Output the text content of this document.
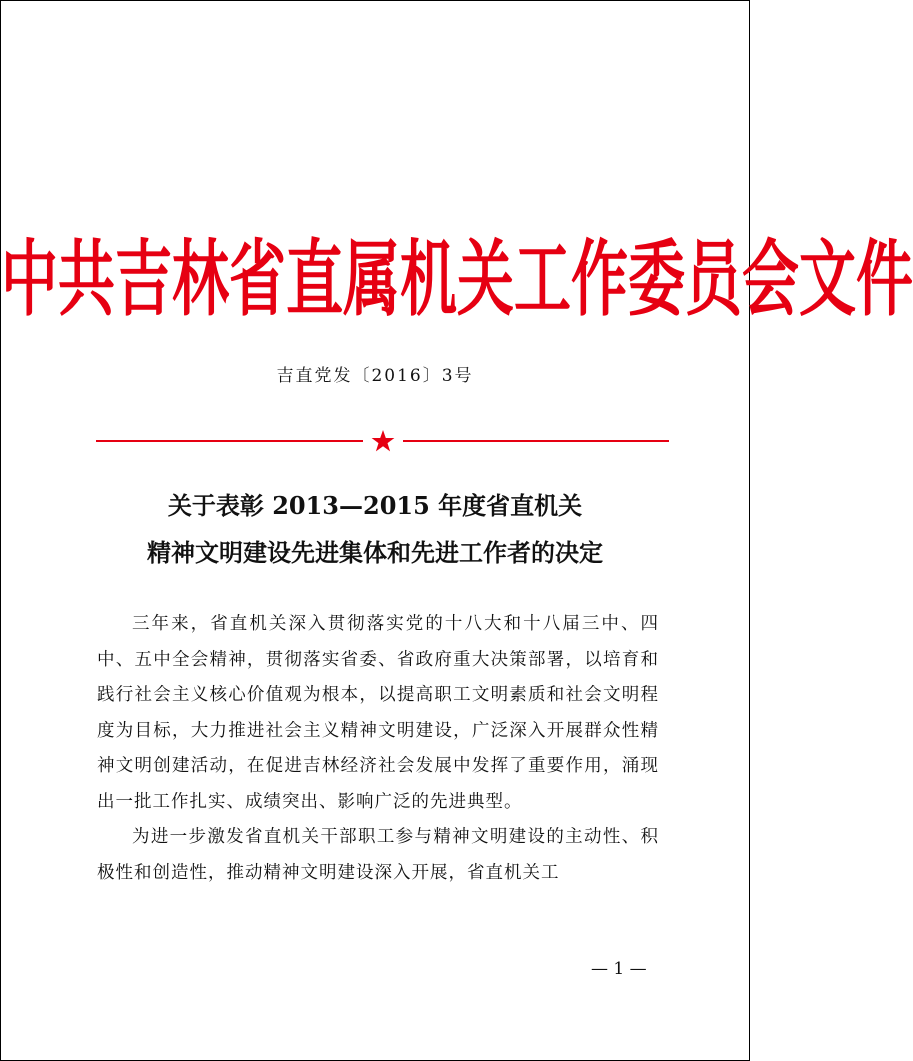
中共吉林省直属机关工作委员会文件
吉直党发〔2016〕3号
关于表彰 2013—2015 年度省直机关
精神文明建设先进集体和先进工作者的决定

三年来，省直机关深入贯彻落实党的十八大和十八届三中、四中、五中全会精神，贯彻落实省委、省政府重大决策部署，以培育和践行社会主义核心价值观为根本，以提高职工文明素质和社会文明程度为目标，大力推进社会主义精神文明建设，广泛深入开展群众性精神文明创建活动，在促进吉林经济社会发展中发挥了重要作用，涌现出一批工作扎实、成绩突出、影响广泛的先进典型。

为进一步激发省直机关干部职工参与精神文明建设的主动性、积极性和创造性，推动精神文明建设深入开展，省直机关工

— 1 —
